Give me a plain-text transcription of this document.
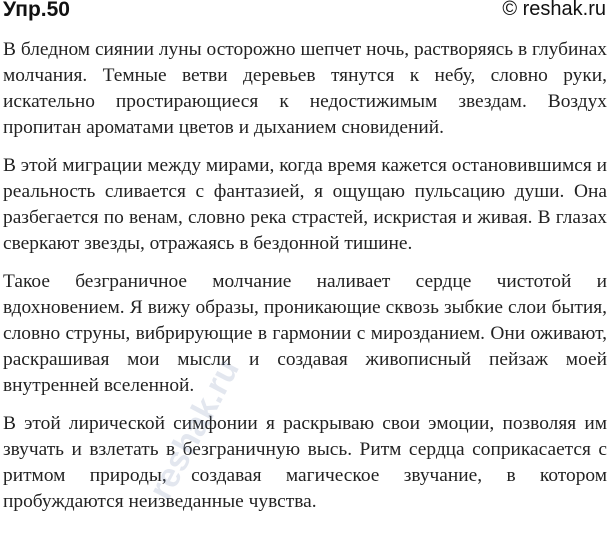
Упр.50	© reshak.ru

В бледном сиянии луны осторожно шепчет ночь, растворяясь в глубинах молчания. Темные ветви деревьев тянутся к небу, словно руки, искательно простирающиеся к недостижимым звездам. Воздух пропитан ароматами цветов и дыханием сновидений.

В этой миграции между мирами, когда время кажется остановившимся и реальность сливается с фантазией, я ощущаю пульсацию души. Она разбегается по венам, словно река страстей, искристая и живая. В глазах сверкают звезды, отражаясь в бездонной тишине.

Такое безграничное молчание наливает сердце чистотой и вдохновением. Я вижу образы, проникающие сквозь зыбкие слои бытия, словно струны, вибрирующие в гармонии с мирозданием. Они оживают, раскрашивая мои мысли и создавая живописный пейзаж моей внутренней вселенной.

В этой лирической симфонии я раскрываю свои эмоции, позволяя им звучать и взлетать в безграничную высь. Ритм сердца соприкасается с ритмом природы, создавая магическое звучание, в котором пробуждаются неизведанные чувства.

reshak.ru
